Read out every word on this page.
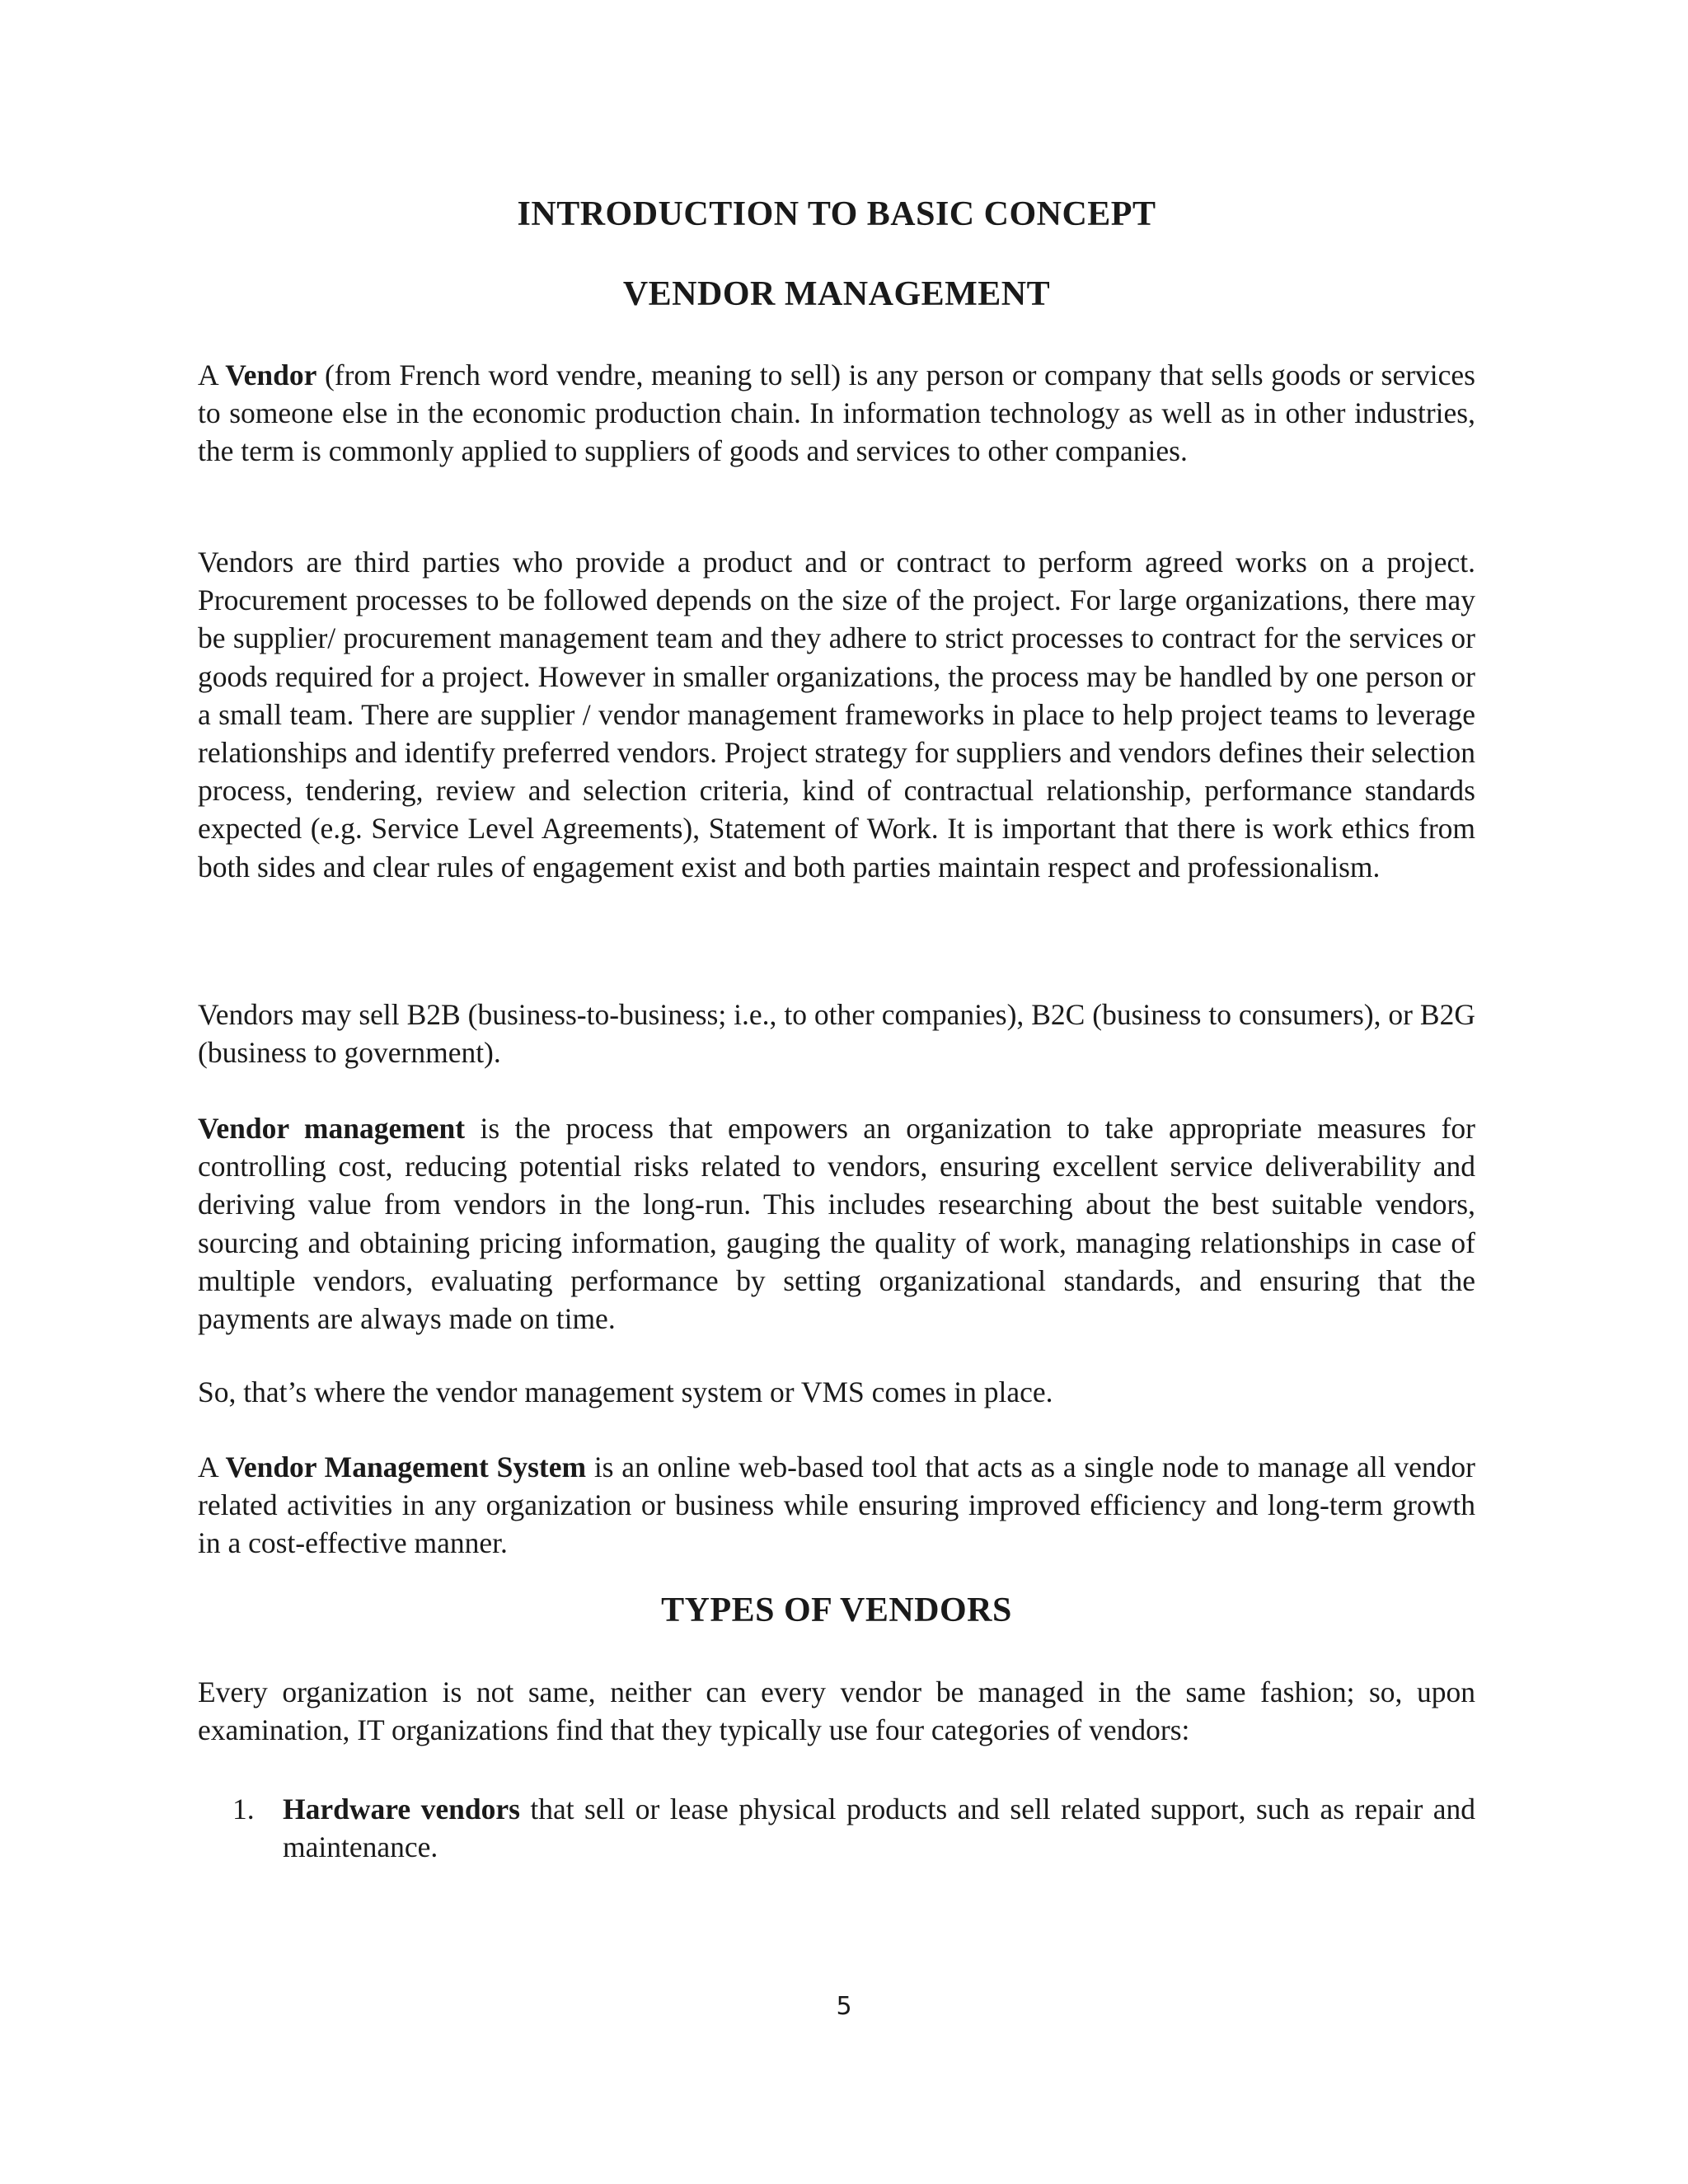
INTRODUCTION TO BASIC CONCEPT
VENDOR MANAGEMENT

A Vendor (from French word vendre, meaning to sell) is any person or company that sells goods or services to someone else in the economic production chain. In information technology as well as in other industries, the term is commonly applied to suppliers of goods and services to other companies.

Vendors are third parties who provide a product and or contract to perform agreed works on a project. Procurement processes to be followed depends on the size of the project. For large organizations, there may be supplier/ procurement management team and they adhere to strict processes to contract for the services or goods required for a project. However in smaller organizations, the process may be handled by one person or a small team. There are supplier / vendor management frameworks in place to help project teams to leverage relationships and identify preferred vendors. Project strategy for suppliers and vendors defines their selection process, tendering, review and selection criteria, kind of contractual relationship, performance standards expected (e.g. Service Level Agreements), Statement of Work. It is important that there is work ethics from both sides and clear rules of engagement exist and both parties maintain respect and professionalism.

Vendors may sell B2B (business-to-business; i.e., to other companies), B2C (business to consumers), or B2G (business to government).

Vendor management is the process that empowers an organization to take appropriate measures for controlling cost, reducing potential risks related to vendors, ensuring excellent service deliverability and deriving value from vendors in the long-run. This includes researching about the best suitable vendors, sourcing and obtaining pricing information, gauging the quality of work, managing relationships in case of multiple vendors, evaluating performance by setting organizational standards, and ensuring that the payments are always made on time.

So, that’s where the vendor management system or VMS comes in place.

A Vendor Management System is an online web-based tool that acts as a single node to manage all vendor related activities in any organization or business while ensuring improved efficiency and long-term growth in a cost-effective manner.

TYPES OF VENDORS

Every organization is not same, neither can every vendor be managed in the same fashion; so, upon examination, IT organizations find that they typically use four categories of vendors:

1. Hardware vendors that sell or lease physical products and sell related support, such as repair and maintenance.
5
